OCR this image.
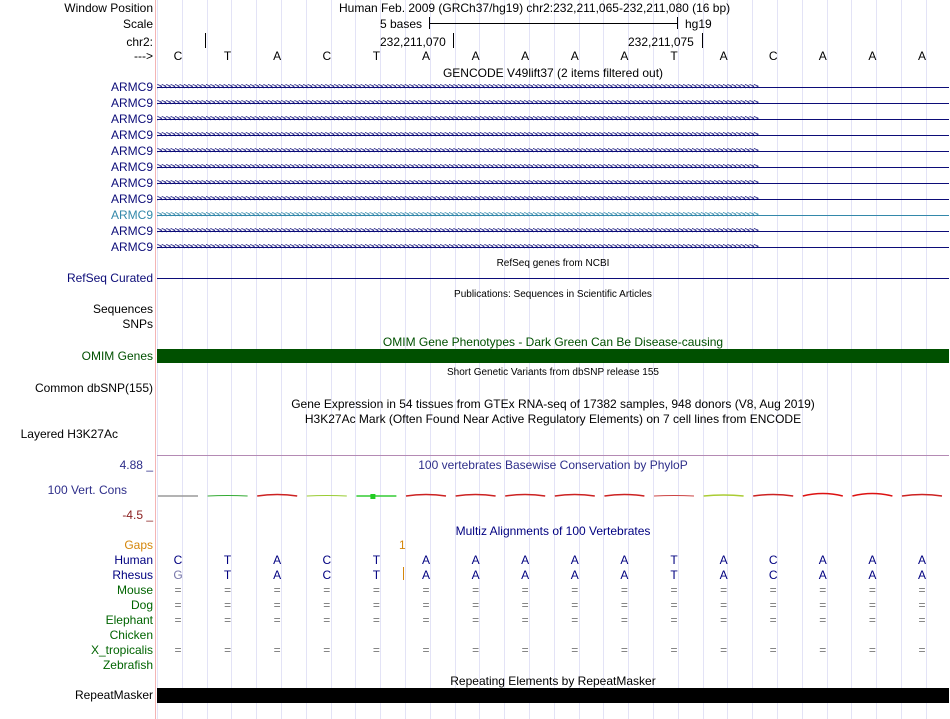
Window Position
Scale
chr2:
--->
Human Feb. 2009 (GRCh37/hg19) chr2:232,211,065-232,211,080 (16 bp)
5 bases	hg19
232,211,070	232,211,075
C	T	A	C	T	A	A	A	A	A	T	A	C	A	A	A
GENCODE V49lift37 (2 items filtered out)
ARMC9 >>>>>>>>>>>>>>>>>>>>>>>>>>>>>>>>>>>>>>>>>>>>>>>>>>>>>>>>>>>>>>>>>>>>>>>>>>>>>>>>>>>>>>>>>>>>>>>>>>>>>>>>>>>>>>>>>>>>>>>>>>>>>>>>>>>>>>>>
ARMC9 >>>>>>>>>>>>>>>>>>>>>>>>>>>>>>>>>>>>>>>>>>>>>>>>>>>>>>>>>>>>>>>>>>>>>>>>>>>>>>>>>>>>>>>>>>>>>>>>>>>>>>>>>>>>>>>>>>>>>>>>>>>>>>>>>>>>>>>>
ARMC9 >>>>>>>>>>>>>>>>>>>>>>>>>>>>>>>>>>>>>>>>>>>>>>>>>>>>>>>>>>>>>>>>>>>>>>>>>>>>>>>>>>>>>>>>>>>>>>>>>>>>>>>>>>>>>>>>>>>>>>>>>>>>>>>>>>>>>>>>
ARMC9 >>>>>>>>>>>>>>>>>>>>>>>>>>>>>>>>>>>>>>>>>>>>>>>>>>>>>>>>>>>>>>>>>>>>>>>>>>>>>>>>>>>>>>>>>>>>>>>>>>>>>>>>>>>>>>>>>>>>>>>>>>>>>>>>>>>>>>>>
ARMC9 >>>>>>>>>>>>>>>>>>>>>>>>>>>>>>>>>>>>>>>>>>>>>>>>>>>>>>>>>>>>>>>>>>>>>>>>>>>>>>>>>>>>>>>>>>>>>>>>>>>>>>>>>>>>>>>>>>>>>>>>>>>>>>>>>>>>>>>>
ARMC9 >>>>>>>>>>>>>>>>>>>>>>>>>>>>>>>>>>>>>>>>>>>>>>>>>>>>>>>>>>>>>>>>>>>>>>>>>>>>>>>>>>>>>>>>>>>>>>>>>>>>>>>>>>>>>>>>>>>>>>>>>>>>>>>>>>>>>>>>
ARMC9 >>>>>>>>>>>>>>>>>>>>>>>>>>>>>>>>>>>>>>>>>>>>>>>>>>>>>>>>>>>>>>>>>>>>>>>>>>>>>>>>>>>>>>>>>>>>>>>>>>>>>>>>>>>>>>>>>>>>>>>>>>>>>>>>>>>>>>>>
ARMC9 >>>>>>>>>>>>>>>>>>>>>>>>>>>>>>>>>>>>>>>>>>>>>>>>>>>>>>>>>>>>>>>>>>>>>>>>>>>>>>>>>>>>>>>>>>>>>>>>>>>>>>>>>>>>>>>>>>>>>>>>>>>>>>>>>>>>>>>>
ARMC9 >>>>>>>>>>>>>>>>>>>>>>>>>>>>>>>>>>>>>>>>>>>>>>>>>>>>>>>>>>>>>>>>>>>>>>>>>>>>>>>>>>>>>>>>>>>>>>>>>>>>>>>>>>>>>>>>>>>>>>>>>>>>>>>>>>>>>>>>
ARMC9 >>>>>>>>>>>>>>>>>>>>>>>>>>>>>>>>>>>>>>>>>>>>>>>>>>>>>>>>>>>>>>>>>>>>>>>>>>>>>>>>>>>>>>>>>>>>>>>>>>>>>>>>>>>>>>>>>>>>>>>>>>>>>>>>>>>>>>>>
ARMC9 >>>>>>>>>>>>>>>>>>>>>>>>>>>>>>>>>>>>>>>>>>>>>>>>>>>>>>>>>>>>>>>>>>>>>>>>>>>>>>>>>>>>>>>>>>>>>>>>>>>>>>>>>>>>>>>>>>>>>>>>>>>>>>>>>>>>>>>>
RefSeq genes from NCBI
RefSeq Curated
Publications: Sequences in Scientific Articles
Sequences
SNPs
OMIM Gene Phenotypes - Dark Green Can Be Disease-causing
OMIM Genes
Short Genetic Variants from dbSNP release 155
Common dbSNP(155)
Gene Expression in 54 tissues from GTEx RNA-seq of 17382 samples, 948 donors (V8, Aug 2019)
H3K27Ac Mark (Often Found Near Active Regulatory Elements) on 7 cell lines from ENCODE
Layered H3K27Ac
100 vertebrates Basewise Conservation by PhyloP
4.88 _
100 Vert. Cons
-4.5 _
Multiz Alignments of 100 Vertebrates
Gaps	1
Human	C	T	A	C	T	A	A	A	A	A	T	A	C	A	A	A
Rhesus	G	T	A	C	T	A	A	A	A	A	T	A	C	A	A	A
Mouse	=	=	=	=	=	=	=	=	=	=	=	=	=	=	=	=
Dog	=	=	=	=	=	=	=	=	=	=	=	=	=	=	=	=
Elephant	=	=	=	=	=	=	=	=	=	=	=	=	=	=	=	=
Chicken
X_tropicalis	=	=	=	=	=	=	=	=	=	=	=	=	=	=	=	=
Zebrafish
Repeating Elements by RepeatMasker
RepeatMasker
